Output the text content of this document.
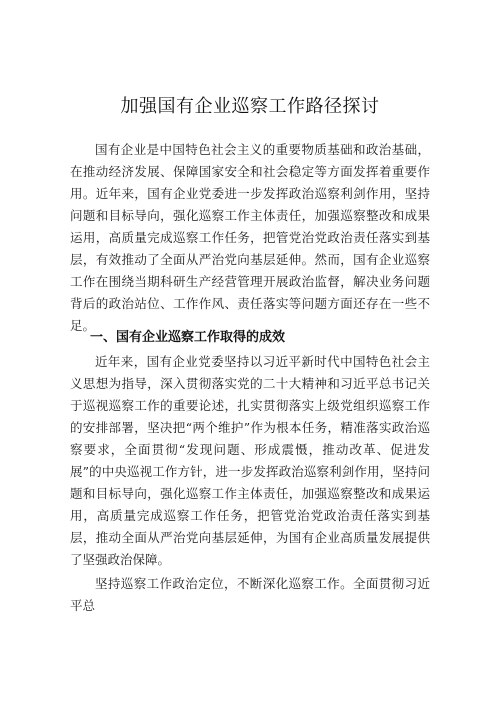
加强国有企业巡察工作路径探讨

国有企业是中国特色社会主义的重要物质基础和政治基础，在推动经济发展、保障国家安全和社会稳定等方面发挥着重要作用。近年来，国有企业党委进一步发挥政治巡察利剑作用，坚持问题和目标导向，强化巡察工作主体责任，加强巡察整改和成果运用，高质量完成巡察工作任务，把管党治党政治责任落实到基层，有效推动了全面从严治党向基层延伸。然而，国有企业巡察工作在围绕当期科研生产经营管理开展政治监督，解决业务问题背后的政治站位、工作作风、责任落实等问题方面还存在一些不足。

一、国有企业巡察工作取得的成效

近年来，国有企业党委坚持以习近平新时代中国特色社会主义思想为指导，深入贯彻落实党的二十大精神和习近平总书记关于巡视巡察工作的重要论述，扎实贯彻落实上级党组织巡察工作的安排部署，坚决把“两个维护”作为根本任务，精准落实政治巡察要求，全面贯彻“发现问题、形成震慑，推动改革、促进发展”的中央巡视工作方针，进一步发挥政治巡察利剑作用，坚持问题和目标导向，强化巡察工作主体责任，加强巡察整改和成果运用，高质量完成巡察工作任务，把管党治党政治责任落实到基层，推动全面从严治党向基层延伸，为国有企业高质量发展提供了坚强政治保障。

坚持巡察工作政治定位，不断深化巡察工作。全面贯彻习近平总
